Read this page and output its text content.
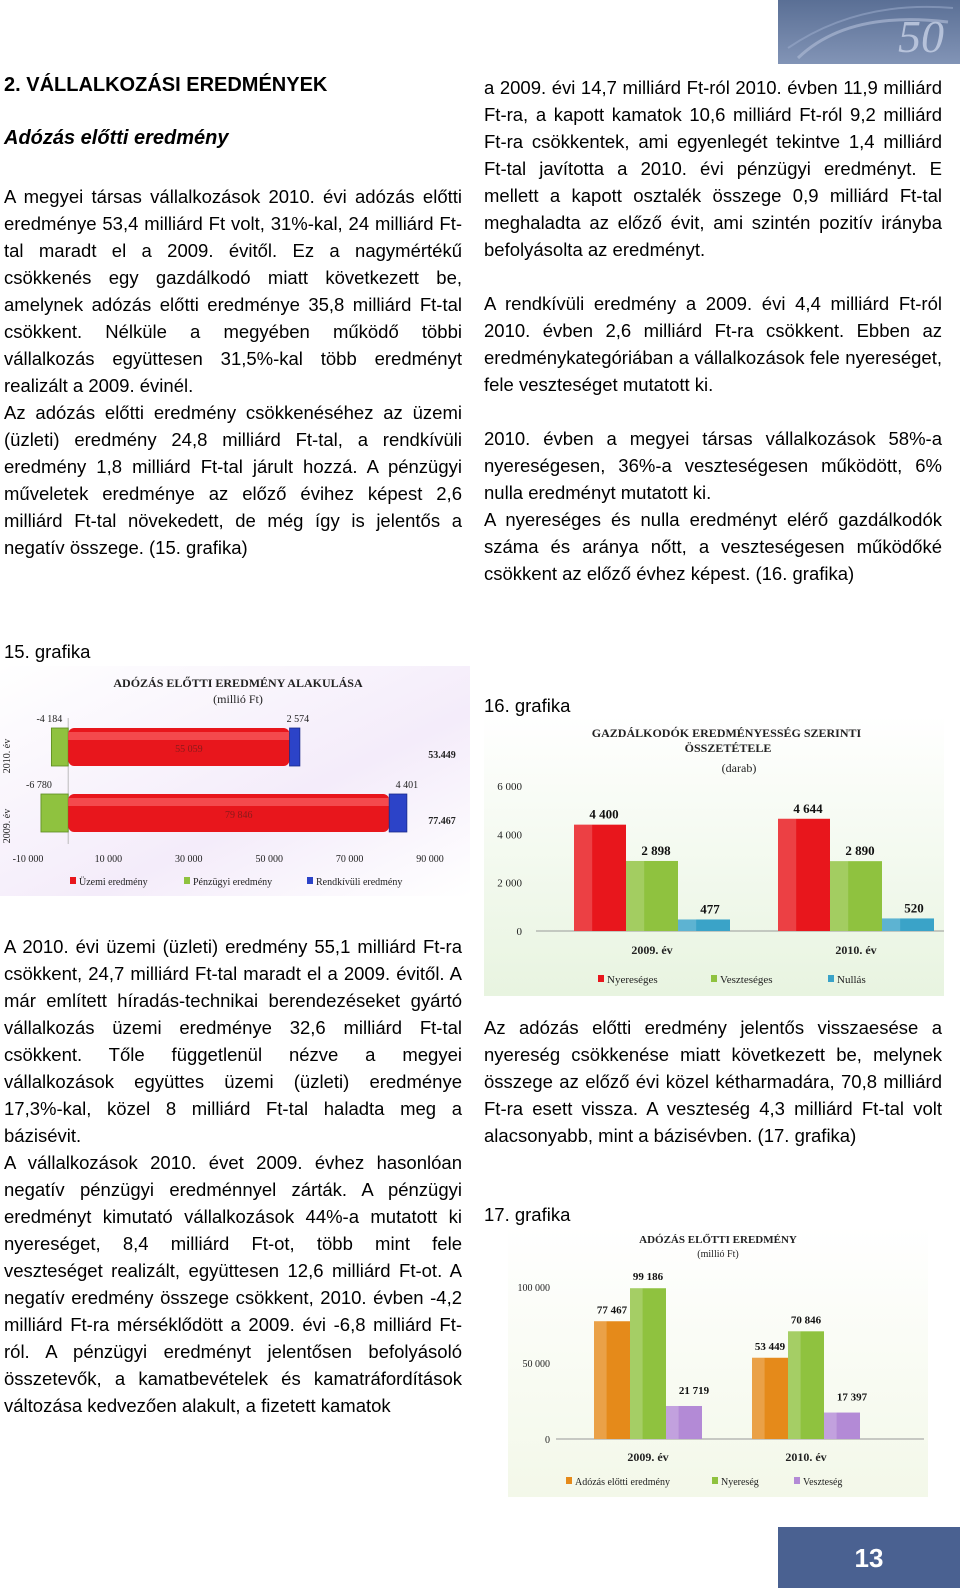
50
2. VÁLLALKOZÁSI EREDMÉNYEK
Adózás előtti eredmény

A megyei társas vállalkozások 2010. évi adózás előtti eredménye 53,4 milliárd Ft volt, 31%-kal, 24 milliárd Ft-tal maradt el a 2009. évitől. Ez a nagymértékű csökkenés egy gazdálkodó miatt következett be, amelynek adózás előtti eredménye 35,8 milliárd Ft-tal csökkent. Nélküle a megyében működő többi vállalkozás együttesen 31,5%-kal több eredményt realizált a 2009. évinél.

Az adózás előtti eredmény csökkenéséhez az üzemi (üzleti) eredmény 24,8 milliárd Ft-tal, a rendkívüli eredmény 1,8 milliárd Ft-tal járult hozzá. A pénzügyi műveletek eredménye az előző évihez képest 2,6 milliárd Ft-tal növekedett, de még így is jelentős a negatív összege. (15. grafika)

15. grafika
ADÓZÁS ELŐTTI EREDMÉNY ALAKULÁSA
(millió Ft)
2010. év
2009. év
-10 000	10 000	30 000	50 000	70 000	90 000
55 059
-4 184	2 574
79 846
-6 780	4 401
53.449
77.467
Üzemi eredmény	Pénzügyi eredmény	Rendkívüli eredmény

A 2010. évi üzemi (üzleti) eredmény 55,1 milliárd Ft-ra csökkent, 24,7 milliárd Ft-tal maradt el a 2009. évitől. A már említett híradás-technikai berendezéseket gyártó vállalkozás üzemi eredménye 32,6 milliárd Ft-tal csökkent. Tőle függetlenül nézve a megyei vállalkozások együttes üzemi (üzleti) eredménye 17,3%-kal, közel 8 milliárd Ft-tal haladta meg a bázisévit.

A vállalkozások 2010. évet 2009. évhez hasonlóan negatív pénzügyi eredménnyel zárták. A pénzügyi eredményt kimutató vállalkozások 44%-a mutatott ki nyereséget, 8,4 milliárd Ft-ot, több mint fele veszteséget realizált, együttesen 12,6 milliárd Ft-ot. A negatív eredmény összege csökkent, 2010. évben -4,2 milliárd Ft-ra mérséklődött a 2009. évi -6,8 milliárd Ft-ról. A pénzügyi eredményt jelentősen befolyásoló összetevők, a kamatbevételek és kamatráfordítások változása kedvezően alakult, a fizetett kamatok

a 2009. évi 14,7 milliárd Ft-ról 2010. évben 11,9 milliárd Ft-ra, a kapott kamatok 10,6 milliárd Ft-ról 9,2 milliárd Ft-ra csökkentek, ami egyenlegét tekintve 1,4 milliárd Ft-tal javította a 2010. évi pénzügyi eredményt. E mellett a kapott osztalék összege 0,9 milliárd Ft-tal meghaladta az előző évit, ami szintén pozitív irányba befolyásolta az eredményt.

A rendkívüli eredmény a 2009. évi 4,4 milliárd Ft-ról 2010. évben 2,6 milliárd Ft-ra csökkent. Ebben az eredménykategóriában a vállalkozások fele nyereséget, fele veszteséget mutatott ki.

2010. évben a megyei társas vállalkozások 58%-a nyereségesen, 36%-a veszteségesen működött, 6% nulla eredményt mutatott ki.

A nyereséges és nulla eredményt elérő gazdálkodók száma és aránya nőtt, a veszteségesen működőké csökkent az előző évhez képest. (16. grafika)

16. grafika
GAZDÁLKODÓK EREDMÉNYESSÉG SZERINTI ÖSSZETÉTELE
(darab)
0
2 000
4 000
6 000
4 400
2 898
477
2009. év
4 644
2 890
520
2010. év
Nyereséges	Veszteséges	Nullás

Az adózás előtti eredmény jelentős visszaesése a nyereség csökkenése miatt következett be, melynek összege az előző évi közel kétharmadára, 70,8 milliárd Ft-ra esett vissza. A veszteség 4,3 milliárd Ft-tal volt alacsonyabb, mint a bázisévben. (17. grafika)

17. grafika
ADÓZÁS ELŐTTI EREDMÉNY
(millió Ft)
0
50 000
100 000
77 467
99 186
21 719
2009. év
53 449
70 846
17 397
2010. év
Adózás előtti eredmény	Nyereség	Veszteség
13
